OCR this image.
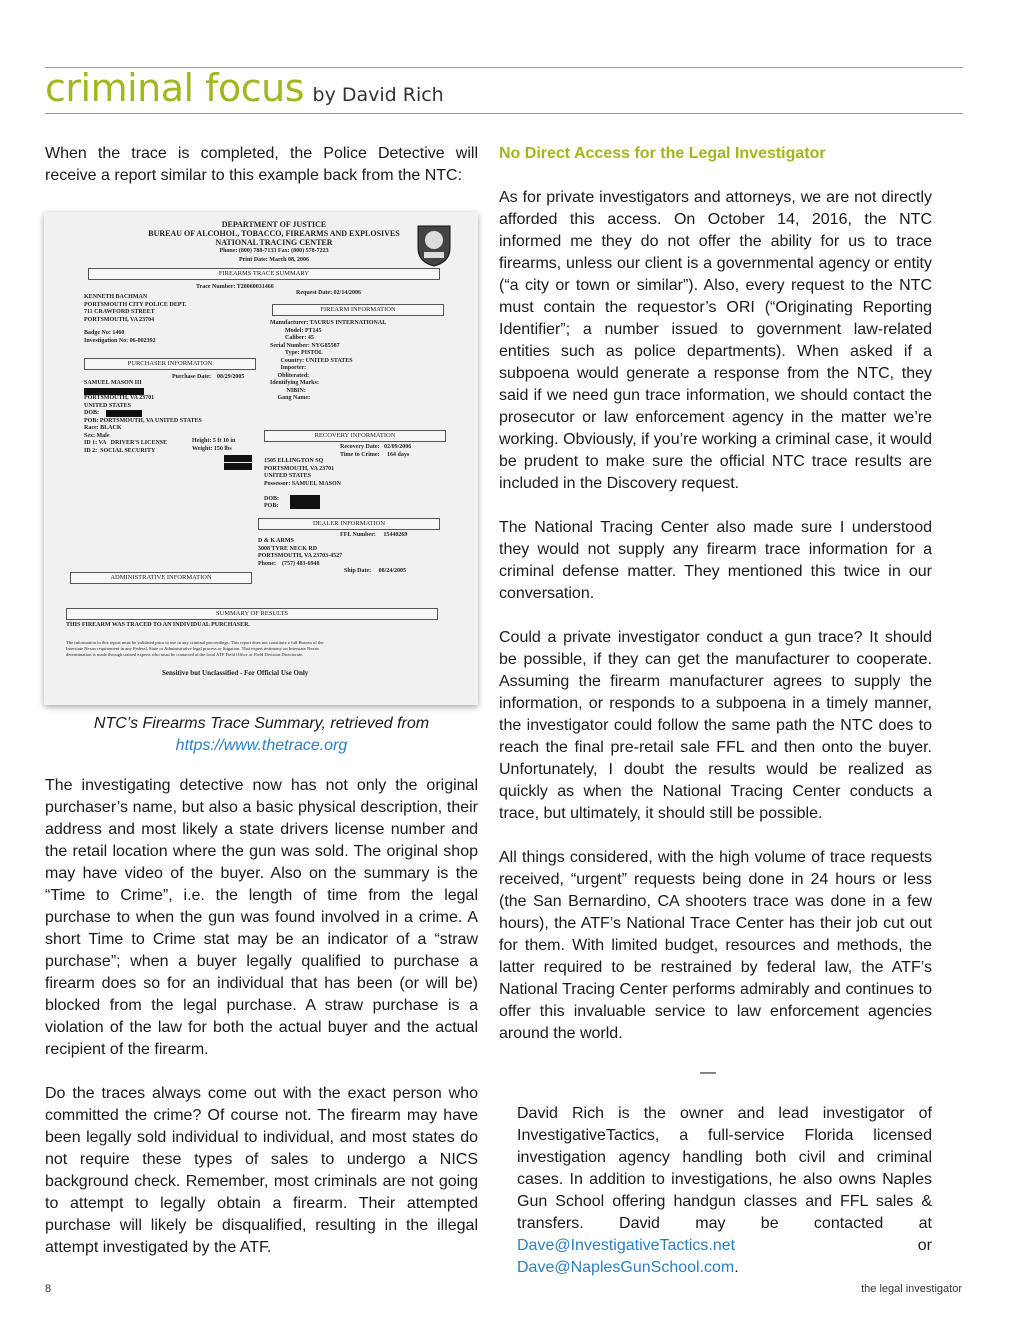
criminal focus by David Rich

When the trace is completed, the Police Detective will receive a report similar to this example back from the NTC:

DEPARTMENT OF JUSTICE
BUREAU OF ALCOHOL, TOBACCO, FIREARMS AND EXPLOSIVES
NATIONAL TRACING CENTER
Phone: (800) 788-7133 Fax: (800) 578-7223
Print Date: March 08, 2006
FIREARMS TRACE SUMMARY
Trace Number: T20060031466
Request Date: 02/14/2006
KENNETH BACHMAN
PORTSMOUTH CITY POLICE DEPT.
711 CRAWFORD STREET
PORTSMOUTH, VA 23704
Badge No: 1460
Investigation No: 06-002392
FIREARM INFORMATION
Manufacturer: TAURUS INTERNATIONAL
Model: PT145
Caliber: 45
Serial Number: NYG85587
Type: PISTOL
Country: UNITED STATES
Importer:
Obliterated:
Identifying Marks:
NIBIN:
Gang Name:
PURCHASER INFORMATION
Purchase Date:    08/29/2005
SAMUEL MASON III

PORTSMOUTH, VA 23701
UNITED STATES
DOB:
POB: PORTSMOUTH, VA UNITED STATES
Race: BLACK
Sex: Male
ID 1: VA   DRIVER'S LICENSE
ID 2:  SOCIAL SECURITY
Height: 5 ft 10 in
Weight: 150 lbs
RECOVERY INFORMATION
Recovery Date:   02/09/2006
Time to Crime:     164 days
1505 ELLINGTON SQ
PORTSMOUTH, VA 23701
UNITED STATES
Possessor: SAMUEL MASON

DOB:
POB:
DEALER INFORMATION
FFL Number:     15440269
D & K ARMS
3008 TYRE NECK RD
PORTSMOUTH, VA 23703-4527
Phone:    (757) 483-6948
Ship Date:     08/24/2005
ADMINISTRATIVE INFORMATION
SUMMARY OF RESULTS
THIS FIREARM WAS TRACED TO AN INDIVIDUAL PURCHASER.
The information in this report must be validated prior to use in any criminal proceedings. This report does not constitute a full Bureau of the
Interstate Nexus requirement in any Federal, State or Administrative legal process or litigation. That expert testimony on Interstate Nexus
determination is made through trained experts who must be contacted at the local ATF Field Office or Field Division Directorate.
Sensitive but Unclassified - For Official Use Only
NTC’s Firearms Trace Summary, retrieved from
https://www.thetrace.org

The investigating detective now has not only the original purchaser’s name, but also a basic physical description, their address and most likely a state drivers license number and the retail location where the gun was sold. The original shop may have video of the buyer. Also on the summary is the “Time to Crime”, i.e. the length of time from the legal purchase to when the gun was found involved in a crime. A short Time to Crime stat may be an indicator of a “straw purchase”; when a buyer legally qualified to purchase a firearm does so for an individual that has been (or will be) blocked from the legal purchase. A straw purchase is a violation of the law for both the actual buyer and the actual recipient of the firearm.

Do the traces always come out with the exact person who committed the crime? Of course not. The firearm may have been legally sold individual to individual, and most states do not require these types of sales to undergo a NICS background check. Remember, most criminals are not going to attempt to legally obtain a firearm. Their attempted purchase will likely be disqualified, resulting in the illegal attempt investigated by the ATF.

No Direct Access for the Legal Investigator

As for private investigators and attorneys, we are not directly afforded this access. On October 14, 2016, the NTC informed me they do not offer the ability for us to trace firearms, unless our client is a governmental agency or entity (“a city or town or similar”). Also, every request to the NTC must contain the requestor’s ORI (“Originating Reporting Identifier”; a number issued to government law-related entities such as police departments). When asked if a subpoena would generate a response from the NTC, they said if we need gun trace information, we should contact the prosecutor or law enforcement agency in the matter we’re working. Obviously, if you’re working a criminal case, it would be prudent to make sure the official NTC trace results are included in the Discovery request.

The National Tracing Center also made sure I understood they would not supply any firearm trace information for a criminal defense matter. They mentioned this twice in our conversation.

Could a private investigator conduct a gun trace? It should be possible, if they can get the manufacturer to cooperate. Assuming the firearm manufacturer agrees to supply the information, or responds to a subpoena in a timely manner, the investigator could follow the same path the NTC does to reach the final pre-retail sale FFL and then onto the buyer. Unfortunately, I doubt the results would be realized as quickly as when the National Tracing Center conducts a trace, but ultimately, it should still be possible.

All things considered, with the high volume of trace requests received, “urgent” requests being done in 24 hours or less (the San Bernardino, CA shooters trace was done in a few hours), the ATF’s National Trace Center has their job cut out for them. With limited budget, resources and methods, the latter required to be restrained by federal law, the ATF’s National Tracing Center performs admirably and continues to offer this invaluable service to law enforcement agencies around the world.

—

David Rich is the owner and lead investigator of InvestigativeTactics, a full-service Florida licensed investigation agency handling both civil and criminal cases. In addition to investigations, he also owns Naples Gun School offering handgun classes and FFL sales & transfers. David may be contacted at Dave@InvestigativeTactics.net	or Dave@NaplesGunSchool.com.

8	the legal investigator
